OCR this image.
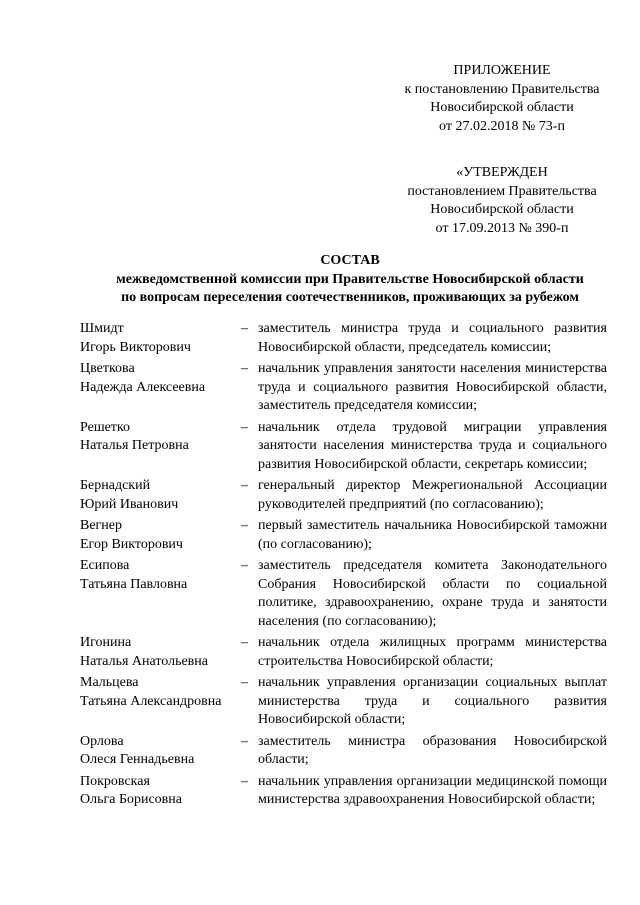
ПРИЛОЖЕНИЕ
к постановлению Правительства
Новосибирской области
от 27.02.2018 № 73-п
«УТВЕРЖДЕН
постановлением Правительства
Новосибирской области
от 17.09.2013 № 390-п
СОСТАВ
межведомственной комиссии при Правительстве Новосибирской области
по вопросам переселения соотечественников, проживающих за рубежом
Шмидт
Игорь Викторович
– заместитель министра труда и социального развития Новосибирской области, председатель комиссии;
Цветкова
Надежда Алексеевна
– начальник управления занятости населения министерства труда и социального развития Новосибирской области, заместитель председателя комиссии;
Решетко
Наталья Петровна
– начальник отдела трудовой миграции управления занятости населения министерства труда и социального развития Новосибирской области, секретарь комиссии;
Бернадский
Юрий Иванович
– генеральный директор Межрегиональной Ассоциации руководителей предприятий (по согласованию);
Вегнер
Егор Викторович
– первый заместитель начальника Новосибирской таможни (по согласованию);
Есипова
Татьяна Павловна
– заместитель председателя комитета Законодательного Собрания Новосибирской области по социальной политике, здравоохранению, охране труда и занятости населения (по согласованию);
Игонина
Наталья Анатольевна
– начальник отдела жилищных программ министерства строительства Новосибирской области;
Мальцева
Татьяна Александровна
– начальник управления организации социальных выплат министерства труда и социального развития Новосибирской области;
Орлова
Олеся Геннадьевна
– заместитель министра образования Новосибирской области;
Покровская
Ольга Борисовна
– начальник управления организации медицинской помощи министерства здравоохранения Новосибирской области;
